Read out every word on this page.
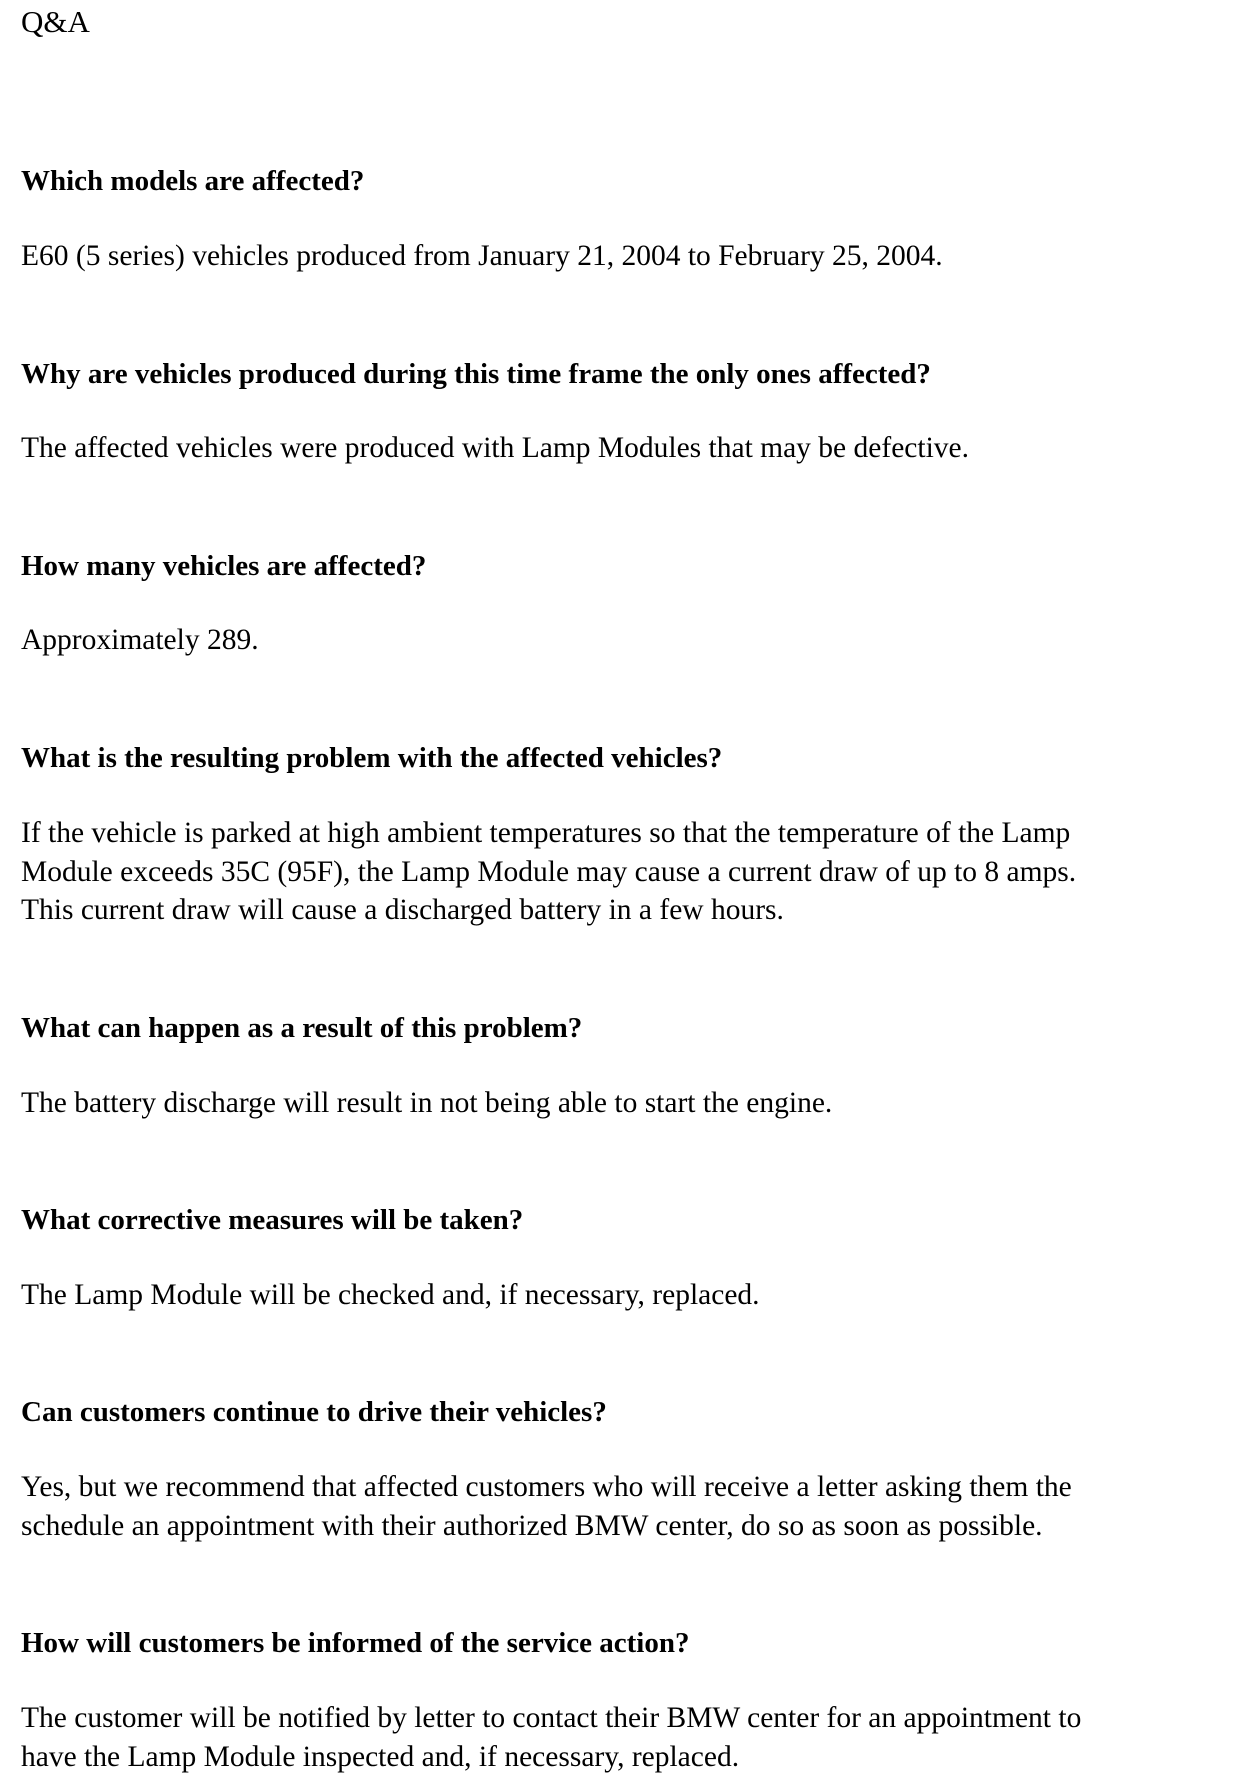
Q&A
Which models are affected?
E60 (5 series) vehicles produced from January 21, 2004 to February 25, 2004.
Why are vehicles produced during this time frame the only ones affected?
The affected vehicles were produced with Lamp Modules that may be defective.
How many vehicles are affected?
Approximately 289.
What is the resulting problem with the affected vehicles?
If the vehicle is parked at high ambient temperatures so that the temperature of the Lamp
Module exceeds 35C (95F), the Lamp Module may cause a current draw of up to 8 amps.
This current draw will cause a discharged battery in a few hours.
What can happen as a result of this problem?
The battery discharge will result in not being able to start the engine.
What corrective measures will be taken?
The Lamp Module will be checked and, if necessary, replaced.
Can customers continue to drive their vehicles?
Yes, but we recommend that affected customers who will receive a letter asking them the
schedule an appointment with their authorized BMW center, do so as soon as possible.
How will customers be informed of the service action?
The customer will be notified by letter to contact their BMW center for an appointment to
have the Lamp Module inspected and, if necessary, replaced.
